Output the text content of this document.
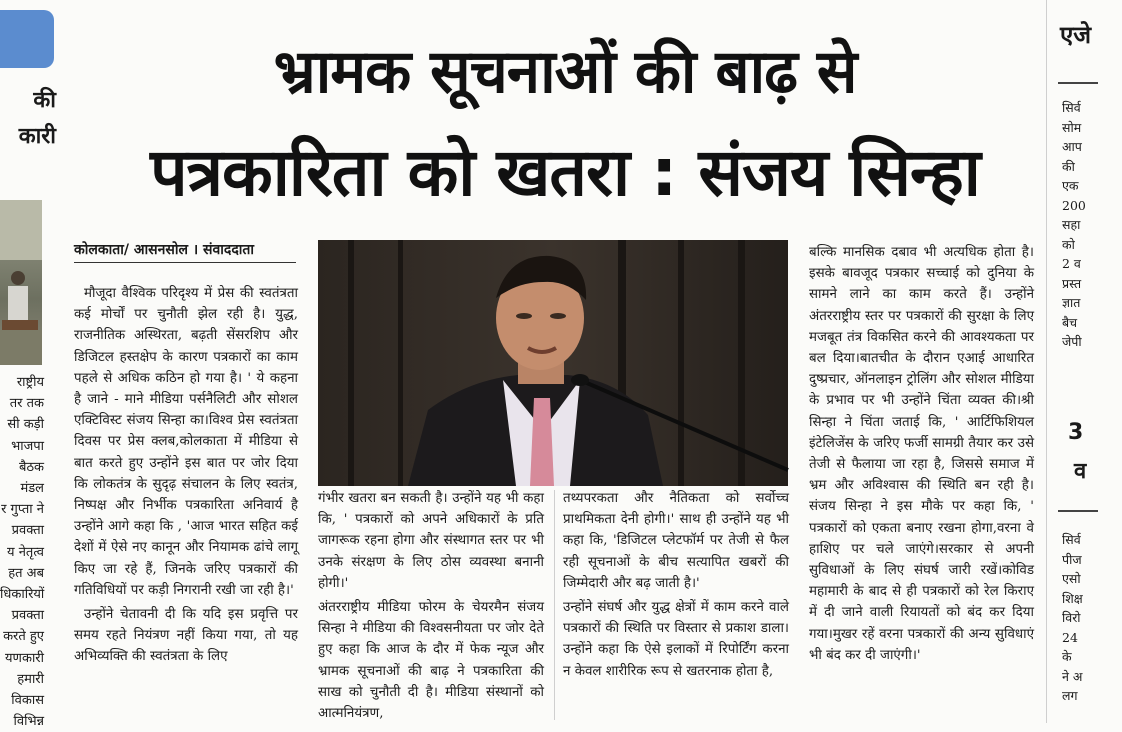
की
कारी
राष्ट्रीय
तर तक
सी कड़ी
भाजपा
बैठक
मंडल
र गुप्ता ने
प्रवक्ता
य नेतृत्व
हत अब
धिकारियों
प्रवक्ता
करते हुए
यणकारी
हमारी
विकास
विभिन्न
भ्रामक सूचनाओं की बाढ़ से
पत्रकारिता को खतरा : संजय सिन्हा
कोलकाता/ आसनसोल । संवाददाता

मौजूदा वैश्विक परिदृश्य में प्रेस की स्वतंत्रता कई मोर्चों पर चुनौती झेल रही है। युद्ध, राजनीतिक अस्थिरता, बढ़ती सेंसरशिप और डिजिटल हस्तक्षेप के कारण पत्रकारों का काम पहले से अधिक कठिन हो गया है। ' ये कहना है जाने - माने मीडिया पर्सनैलिटी और सोशल एक्टिविस्ट संजय सिन्हा का।विश्व प्रेस स्वतंत्रता दिवस पर प्रेस क्लब,कोलकाता में मीडिया से बात करते हुए उन्होंने इस बात पर जोर दिया कि लोकतंत्र के सुदृढ़ संचालन के लिए स्वतंत्र, निष्पक्ष और निर्भीक पत्रकारिता अनिवार्य है उन्होंने आगे कहा कि , 'आज भारत सहित कई देशों में ऐसे नए कानून और नियामक ढांचे लागू किए जा रहे हैं, जिनके जरिए पत्रकारों की गतिविधियों पर कड़ी निगरानी रखी जा रही है।'

उन्होंने चेतावनी दी कि यदि इस प्रवृत्ति पर समय रहते नियंत्रण नहीं किया गया, तो यह अभिव्यक्ति की स्वतंत्रता के लिए

गंभीर खतरा बन सकती है। उन्होंने यह भी कहा कि, ' पत्रकारों को अपने अधिकारों के प्रति जागरूक रहना होगा और संस्थागत स्तर पर भी उनके संरक्षण के लिए ठोस व्यवस्था बनानी होगी।'

अंतरराष्ट्रीय मीडिया फोरम के चेयरमैन संजय सिन्हा ने मीडिया की विश्वसनीयता पर जोर देते हुए कहा कि आज के दौर में फेक न्यूज और भ्रामक सूचनाओं की बाढ़ ने पत्रकारिता की साख को चुनौती दी है। मीडिया संस्थानों को आत्मनियंत्रण,

तथ्यपरकता और नैतिकता को सर्वोच्च प्राथमिकता देनी होगी।' साथ ही उन्होंने यह भी कहा कि, 'डिजिटल प्लेटफॉर्म पर तेजी से फैल रही सूचनाओं के बीच सत्यापित खबरों की जिम्मेदारी और बढ़ जाती है।'

उन्होंने संघर्ष और युद्ध क्षेत्रों में काम करने वाले पत्रकारों की स्थिति पर विस्तार से प्रकाश डाला। उन्होंने कहा कि ऐसे इलाकों में रिपोर्टिंग करना न केवल शारीरिक रूप से खतरनाक होता है,

बल्कि मानसिक दबाव भी अत्यधिक होता है। इसके बावजूद पत्रकार सच्चाई को दुनिया के सामने लाने का काम करते हैं। उन्होंने अंतरराष्ट्रीय स्तर पर पत्रकारों की सुरक्षा के लिए मजबूत तंत्र विकसित करने की आवश्यकता पर बल दिया।बातचीत के दौरान एआई आधारित दुष्प्रचार, ऑनलाइन ट्रोलिंग और सोशल मीडिया के प्रभाव पर भी उन्होंने चिंता व्यक्त की।श्री सिन्हा ने चिंता जताई कि, ' आर्टिफिशियल इंटेलिजेंस के जरिए फर्जी सामग्री तैयार कर उसे तेजी से फैलाया जा रहा है, जिससे समाज में भ्रम और अविश्वास की स्थिति बन रही है।संजय सिन्हा ने इस मौके पर कहा कि, ' पत्रकारों को एकता बनाए रखना होगा,वरना वे हाशिए पर चले जाएंगे।सरकार से अपनी सुविधाओं के लिए संघर्ष जारी रखें।कोविड महामारी के बाद से ही पत्रकारों को रेल किराए में दी जाने वाली रियायतों को बंद कर दिया गया।मुखर रहें वरना पत्रकारों की अन्य सुविधाएं भी बंद कर दी जाएंगी।'

एजे
सिर्व
सोम
आप
की
एक
200
सहा
को
2 व
प्रस्त
ज्ञात
बैच
जेपी
3
व
सिर्व
पीज
एसो
शिक्ष
विरो
24
के
ने अ
लग
